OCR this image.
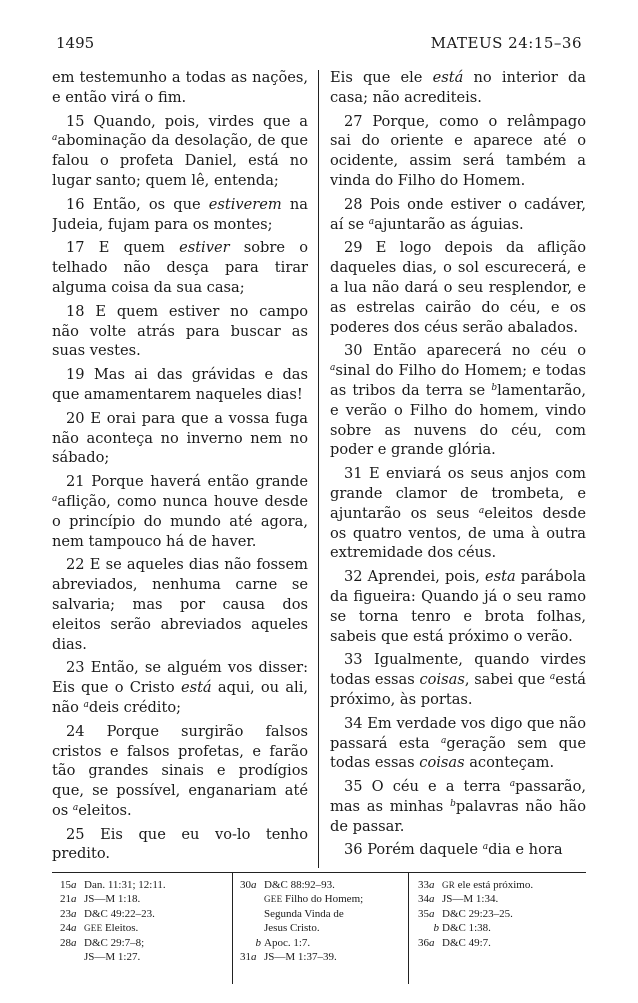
1495	MATEUS 24:15–36

em testemunho a todas as nações, e então virá o fim.

15 Quando, pois, virdes que a $^a$abominação da desolação, de que falou o profeta Daniel, está no lugar santo; quem lê, entenda;

16 Então, os que estiverem na Judeia, fujam para os montes;

17 E quem estiver sobre o telhado não desça para tirar alguma coisa da sua casa;

18 E quem estiver no campo não volte atrás para buscar as suas vestes.

19 Mas ai das grávidas e das que amamentarem naqueles dias!

20 E orai para que a vossa fuga não aconteça no inverno nem no sábado;

21 Porque haverá então grande $^a$aflição, como nunca houve desde o princípio do mundo até agora, nem tampouco há de haver.

22 E se aqueles dias não fossem abreviados, nenhuma carne se salvaria; mas por causa dos eleitos serão abreviados aqueles dias.

23 Então, se alguém vos disser: Eis que o Cristo está aqui, ou ali, não $^a$deis crédito;

24 Porque surgirão falsos cristos e falsos profetas, e farão tão grandes sinais e prodígios que, se possível, enganariam até os $^a$eleitos.

25 Eis que eu vo-lo tenho predito.

Eis que ele está no interior da casa; não acrediteis.

27 Porque, como o relâmpago sai do oriente e aparece até o ocidente, assim será também a vinda do Filho do Homem.

28 Pois onde estiver o cadáver, aí se $^a$ajuntarão as águias.

29 E logo depois da aflição daqueles dias, o sol escurecerá, e a lua não dará o seu resplendor, e as estrelas cairão do céu, e os poderes dos céus serão abalados.

30 Então aparecerá no céu o $^a$sinal do Filho do Homem; e todas as tribos da terra se $^b$lamentarão, e verão o Filho do homem, vindo sobre as nuvens do céu, com poder e grande glória.

31 E enviará os seus anjos com grande clamor de trombeta, e ajuntarão os seus $^a$eleitos desde os quatro ventos, de uma à outra extremidade dos céus.

32 Aprendei, pois, esta parábola da figueira: Quando já o seu ramo se torna tenro e brota folhas, sabeis que está próximo o verão.

33 Igualmente, quando virdes todas essas coisas, sabei que $^a$está próximo, às portas.

34 Em verdade vos digo que não passará esta $^a$geração sem que todas essas coisas aconteçam.

35 O céu e a terra $^a$passarão, mas as minhas $^b$palavras não hão de passar.

36 Porém daquele $^a$dia e hora

15a Dan. 11:31; 12:11.
21a JS—M 1:18.
23a D&C 49:22–23.
24a GEE Eleitos.
28a D&C 29:7–8;
JS—M 1:27.
30a D&C 88:92–93.
GEE Filho do Homem;
Segunda Vinda de
Jesus Cristo.
b Apoc. 1:7.
31a JS—M 1:37–39.
33a GR ele está próximo.
34a JS—M 1:34.
35a D&C 29:23–25.
b D&C 1:38.
36a D&C 49:7.
